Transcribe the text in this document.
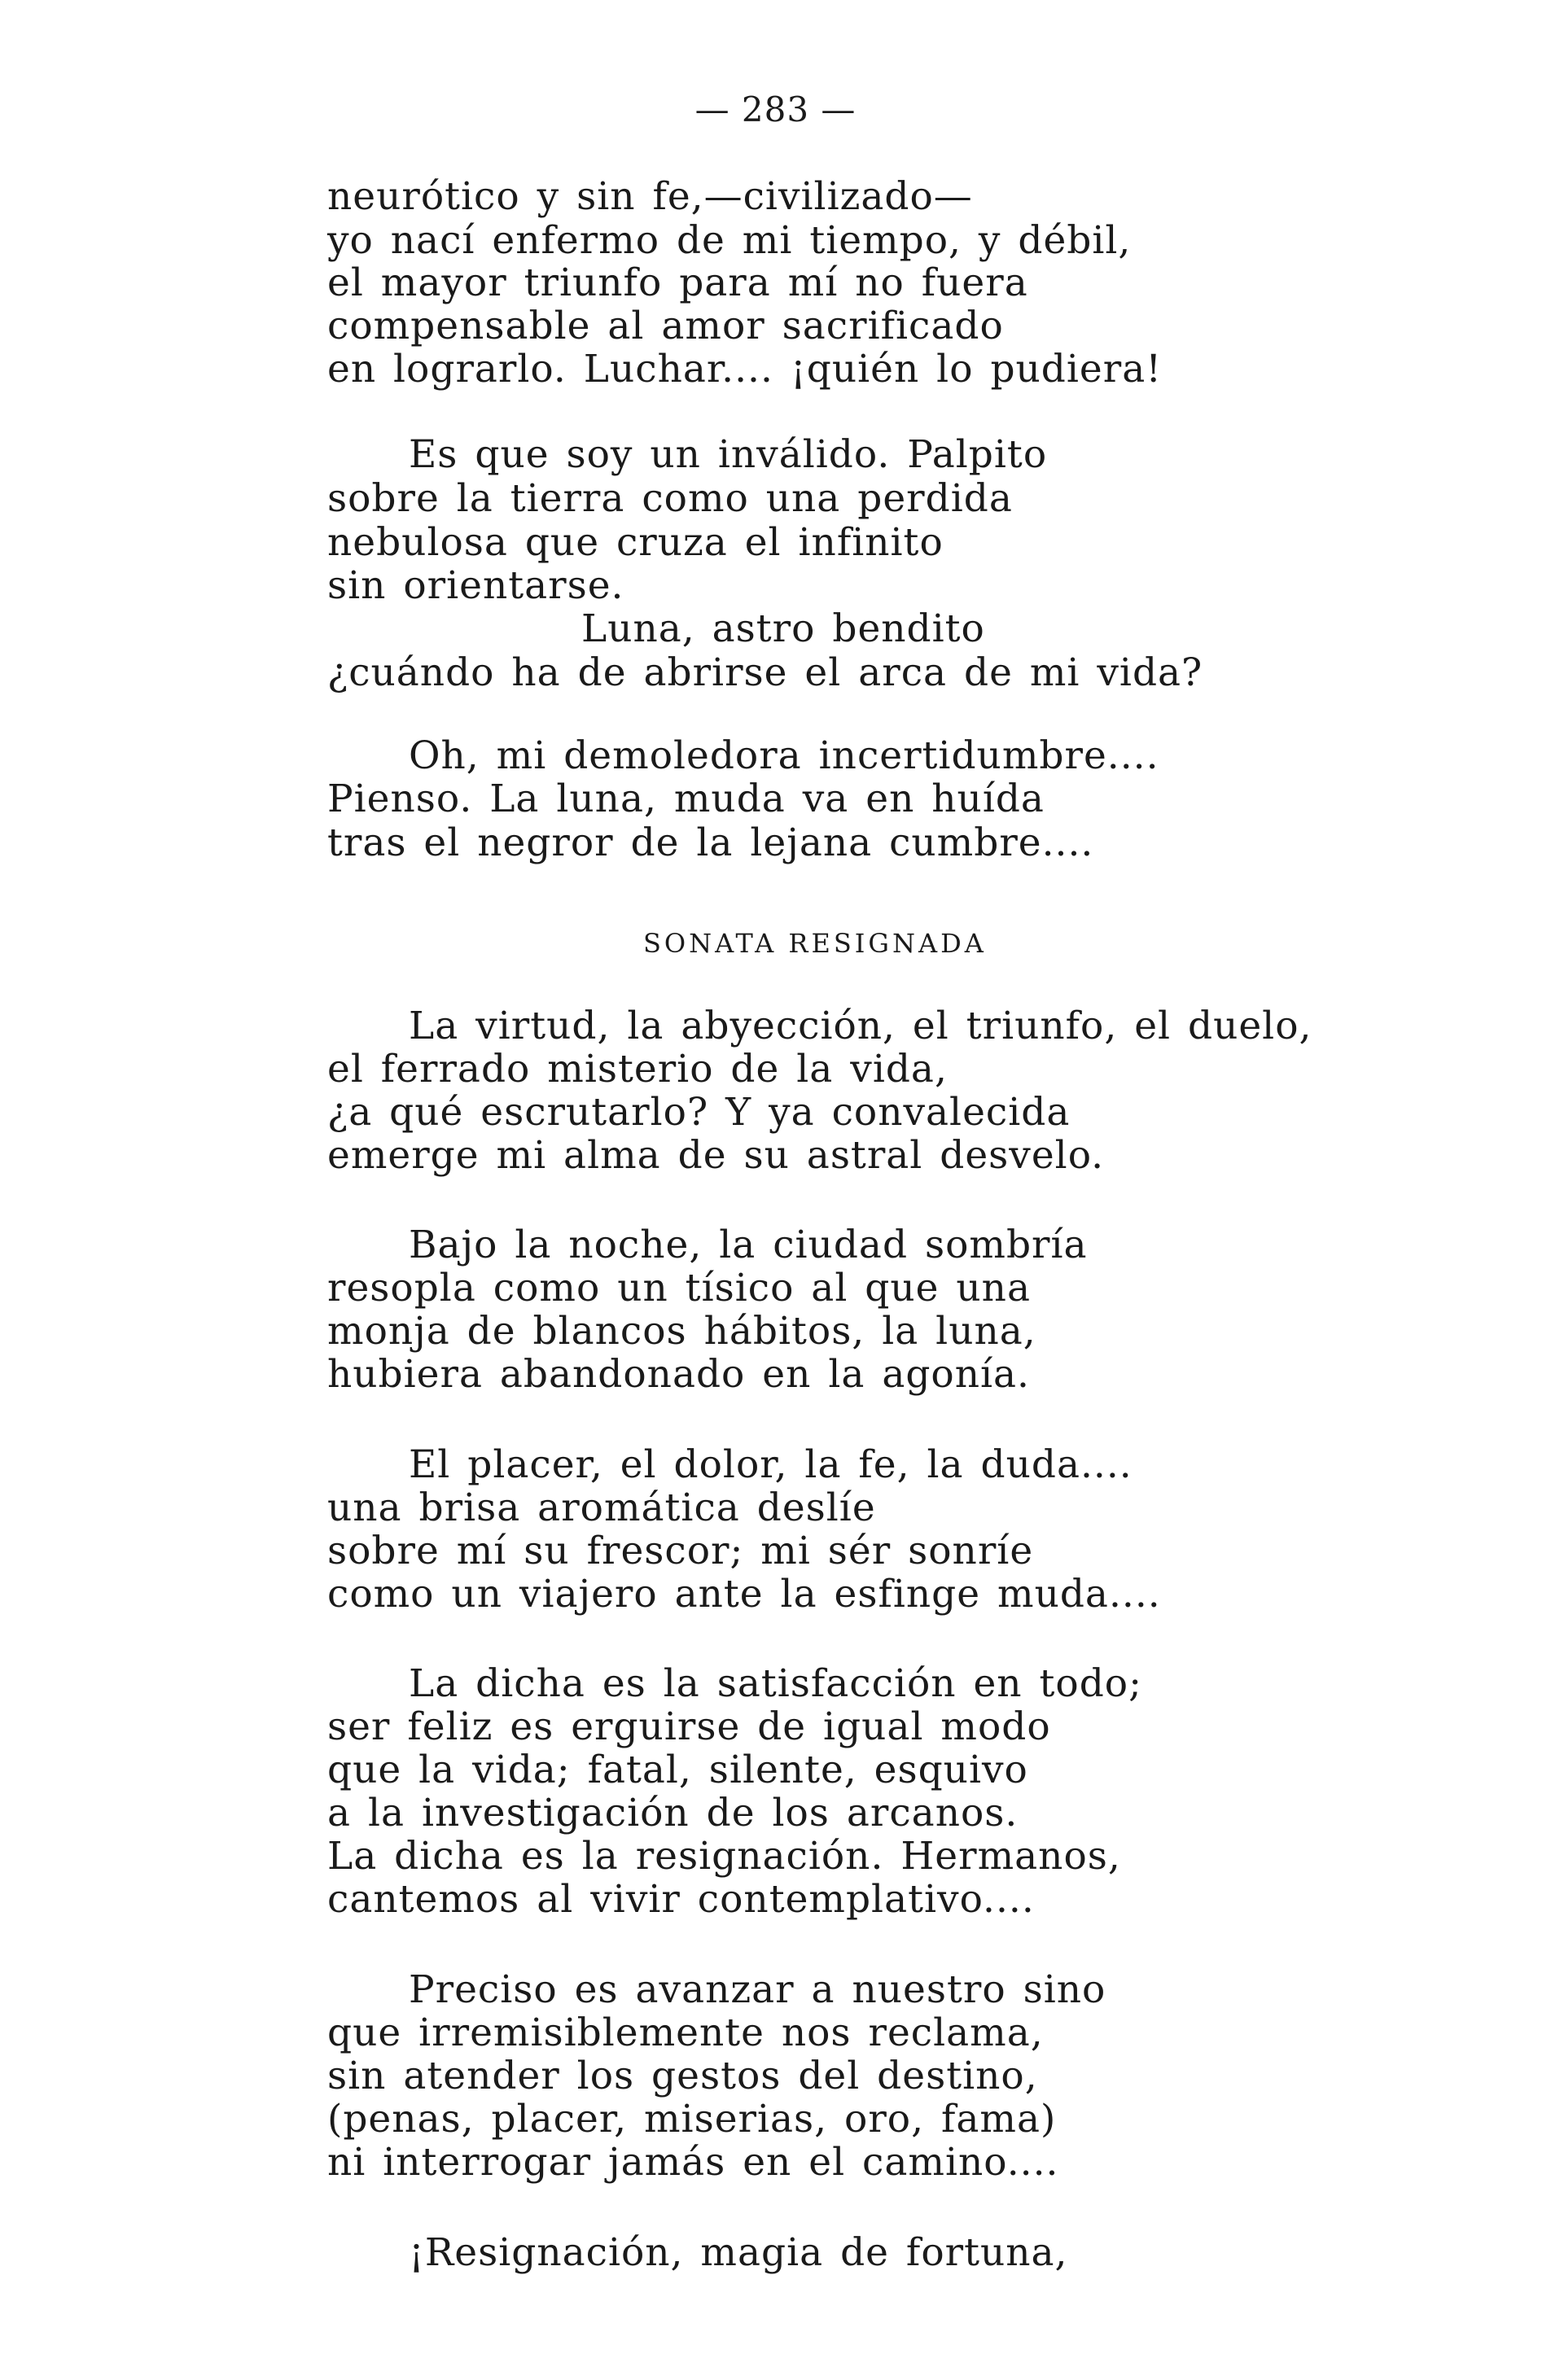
— 283 —
neurótico y sin fe,—civilizado—
yo nací enfermo de mi tiempo, y débil,
el mayor triunfo para mí no fuera
compensable al amor sacrificado
en lograrlo. Luchar.... ¡quién lo pudiera!
Es que soy un inválido. Palpito
sobre la tierra como una perdida
nebulosa que cruza el infinito
sin orientarse.
Luna, astro bendito
¿cuándo ha de abrirse el arca de mi vida?
Oh, mi demoledora incertidumbre....
Pienso. La luna, muda va en huída
tras el negror de la lejana cumbre....
SONATA RESIGNADA
La virtud, la abyección, el triunfo, el duelo,
el ferrado misterio de la vida,
¿a qué escrutarlo? Y ya convalecida
emerge mi alma de su astral desvelo.
Bajo la noche, la ciudad sombría
resopla como un tísico al que una
monja de blancos hábitos, la luna,
hubiera abandonado en la agonía.
El placer, el dolor, la fe, la duda....
una brisa aromática deslíe
sobre mí su frescor; mi sér sonríe
como un viajero ante la esfinge muda....
La dicha es la satisfacción en todo;
ser feliz es erguirse de igual modo
que la vida; fatal, silente, esquivo
a la investigación de los arcanos.
La dicha es la resignación. Hermanos,
cantemos al vivir contemplativo....
Preciso es avanzar a nuestro sino
que irremisiblemente nos reclama,
sin atender los gestos del destino,
(penas, placer, miserias, oro, fama)
ni interrogar jamás en el camino....
¡Resignación, magia de fortuna,
